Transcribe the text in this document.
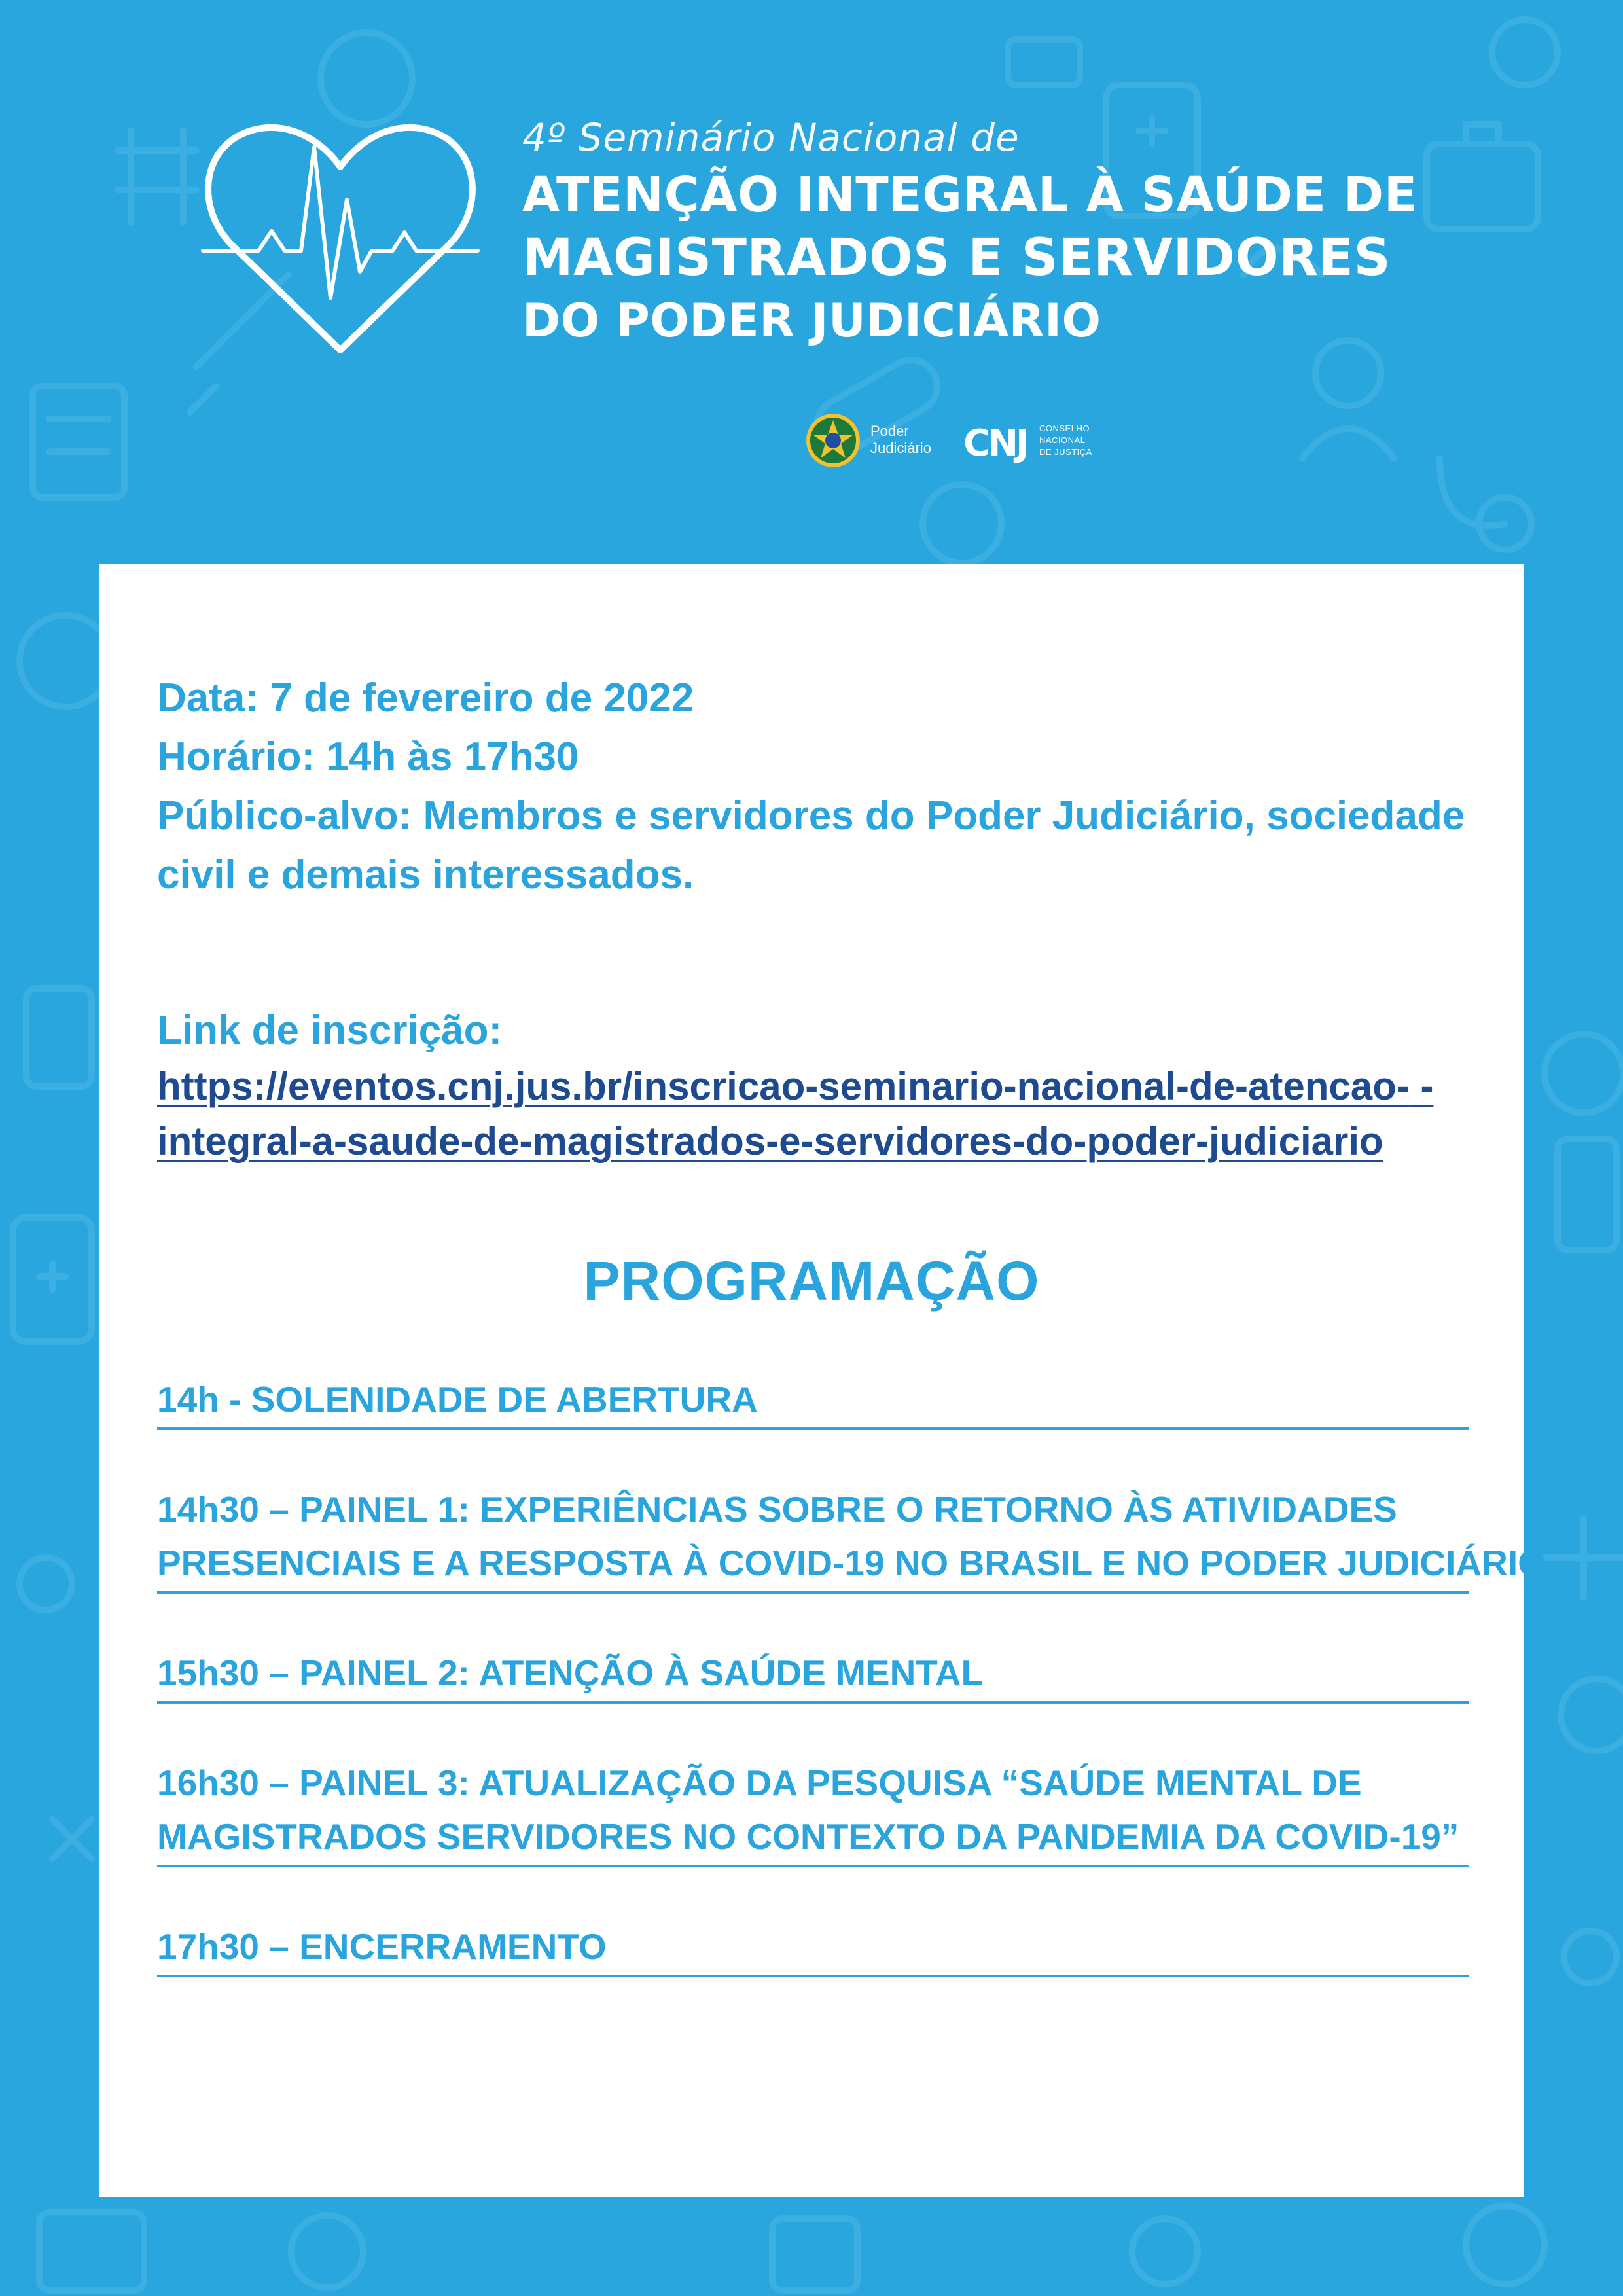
4º Seminário Nacional de
ATENÇÃO INTEGRAL À SAÚDE DE
MAGISTRADOS E SERVIDORES
DO PODER JUDICIÁRIO
Poder
Judiciário CNJ CONSELHO
NACIONAL
DE JUSTIÇA
Data: 7 de fevereiro de 2022
Horário: 14h às 17h30
Público-alvo: Membros e servidores do Poder Judiciário, sociedade
civil e demais interessados.
Link de inscrição:
https://eventos.cnj.jus.br/inscricao-seminario-nacional-de-atencao- -integral-a-saude-de-magistrados-e-servidores-do-poder-judiciario
PROGRAMAÇÃO
14h - SOLENIDADE DE ABERTURA
14h30 – PAINEL 1: EXPERIÊNCIAS SOBRE O RETORNO ÀS ATIVIDADES
PRESENCIAIS E A RESPOSTA À COVID-19 NO BRASIL E NO PODER JUDICIÁRIO
15h30 – PAINEL 2: ATENÇÃO À SAÚDE MENTAL
16h30 – PAINEL 3: ATUALIZAÇÃO DA PESQUISA “SAÚDE MENTAL DE
MAGISTRADOS SERVIDORES NO CONTEXTO DA PANDEMIA DA COVID-19”
17h30 – ENCERRAMENTO
